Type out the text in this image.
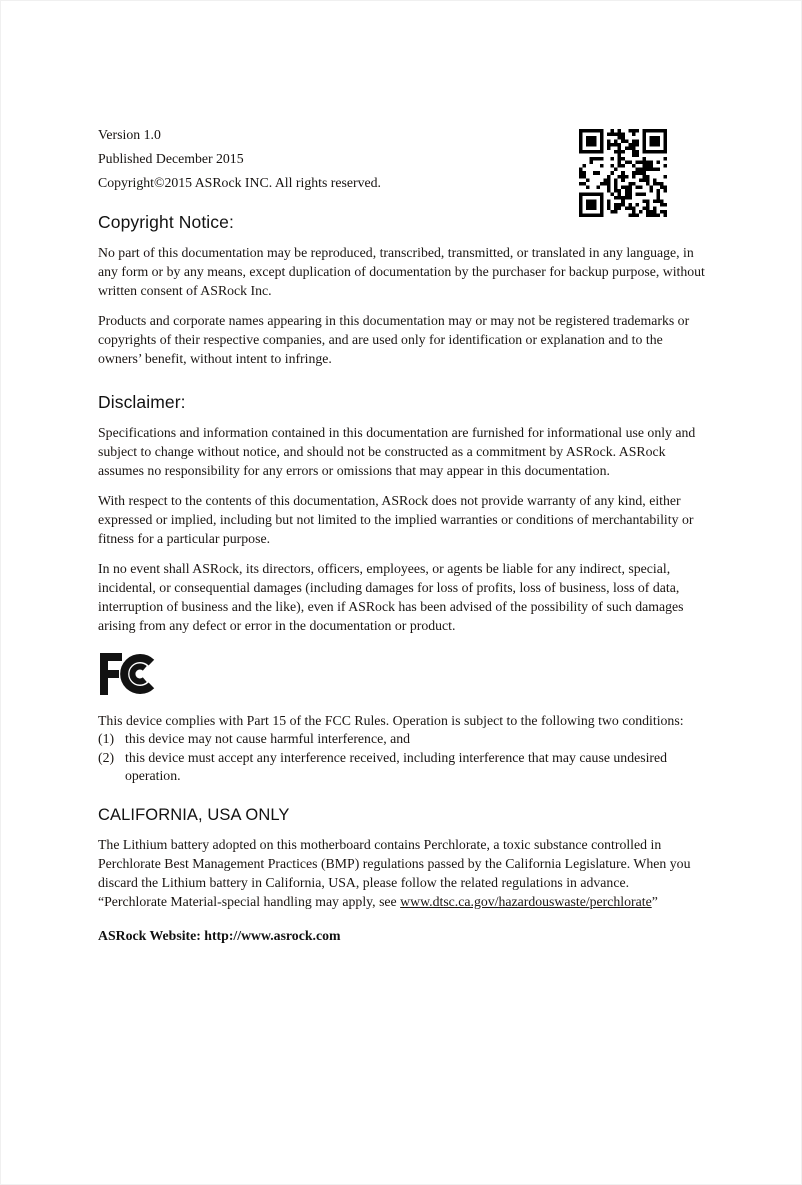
Version 1.0
Published December 2015
Copyright©2015 ASRock INC. All rights reserved.
Copyright Notice:

No part of this documentation may be reproduced, transcribed, transmitted, or translated in any language, in any form or by any means, except duplication of documentation by the purchaser for backup purpose, without written consent of ASRock Inc.

Products and corporate names appearing in this documentation may or may not be registered trademarks or copyrights of their respective companies, and are used only for identification or explanation and to the owners’ benefit, without intent to infringe.

Disclaimer:

Specifications and information contained in this documentation are furnished for informational use only and subject to change without notice, and should not be constructed as a commitment by ASRock. ASRock assumes no responsibility for any errors or omissions that may appear in this documentation.

With respect to the contents of this documentation, ASRock does not provide warranty of any kind, either expressed or implied, including but not limited to the implied warranties or conditions of merchantability or fitness for a particular purpose.

In no event shall ASRock, its directors, officers, employees, or agents be liable for any indirect, special, incidental, or consequential damages (including damages for loss of profits, loss of business, loss of data, interruption of business and the like), even if ASRock has been advised of the possibility of such damages arising from any defect or error in the documentation or product.

This device complies with Part 15 of the FCC Rules. Operation is subject to the following two conditions:

(1) this device may not cause harmful interference, and
(2) this device must accept any interference received, including interference that may cause undesired operation.
CALIFORNIA, USA ONLY

The Lithium battery adopted on this motherboard contains Perchlorate, a toxic substance controlled in Perchlorate Best Management Practices (BMP) regulations passed by the California Legislature. When you discard the Lithium battery in California, USA, please follow the related regulations in advance.
“Perchlorate Material-special handling may apply, see www.dtsc.ca.gov/hazardouswaste/perchlorate”

ASRock Website: http://www.asrock.com
